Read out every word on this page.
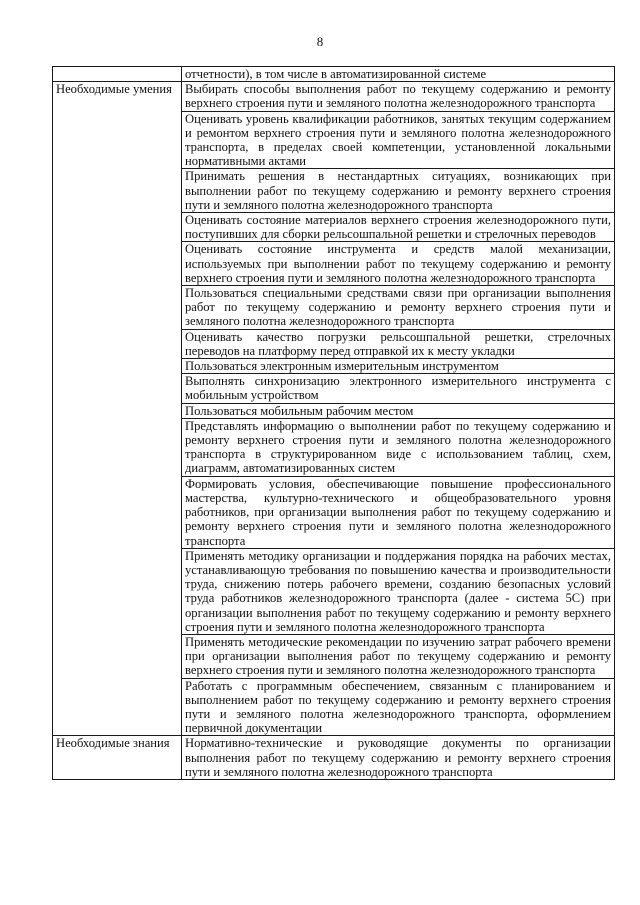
8
	отчетности), в том числе в автоматизированной системе
Необходимые умения	Выбирать способы выполнения работ по текущему содержанию и ремонту верхнего строения пути и земляного полотна железнодорожного транспорта
	Оценивать уровень квалификации работников, занятых текущим содержанием и ремонтом верхнего строения пути и земляного полотна железнодорожного транспорта, в пределах своей компетенции, установленной локальными нормативными актами
	Принимать решения в нестандартных ситуациях, возникающих при выполнении работ по текущему содержанию и ремонту верхнего строения пути и земляного полотна железнодорожного транспорта
	Оценивать состояние материалов верхнего строения железнодорожного пути, поступивших для сборки рельсошпальной решетки и стрелочных переводов
	Оценивать состояние инструмента и средств малой механизации, используемых при выполнении работ по текущему содержанию и ремонту верхнего строения пути и земляного полотна железнодорожного транспорта
	Пользоваться специальными средствами связи при организации выполнения работ по текущему содержанию и ремонту верхнего строения пути и земляного полотна железнодорожного транспорта
	Оценивать качество погрузки рельсошпальной решетки, стрелочных переводов на платформу перед отправкой их к месту укладки
	Пользоваться электронным измерительным инструментом
	Выполнять синхронизацию электронного измерительного инструмента с мобильным устройством
	Пользоваться мобильным рабочим местом
	Представлять информацию о выполнении работ по текущему содержанию и ремонту верхнего строения пути и земляного полотна железнодорожного транспорта в структурированном виде с использованием таблиц, схем, диаграмм, автоматизированных систем
	Формировать условия, обеспечивающие повышение профессионального мастерства, культурно-технического и общеобразовательного уровня работников, при организации выполнения работ по текущему содержанию и ремонту верхнего строения пути и земляного полотна железнодорожного транспорта
	Применять методику организации и поддержания порядка на рабочих местах, устанавливающую требования по повышению качества и производительности труда, снижению потерь рабочего времени, созданию безопасных условий труда работников железнодорожного транспорта (далее - система 5С) при организации выполнения работ по текущему содержанию и ремонту верхнего строения пути и земляного полотна железнодорожного транспорта
	Применять методические рекомендации по изучению затрат рабочего времени при организации выполнения работ по текущему содержанию и ремонту верхнего строения пути и земляного полотна железнодорожного транспорта
	Работать с программным обеспечением, связанным с планированием и выполнением работ по текущему содержанию и ремонту верхнего строения пути и земляного полотна железнодорожного транспорта, оформлением первичной документации
Необходимые знания	Нормативно-технические и руководящие документы по организации выполнения работ по текущему содержанию и ремонту верхнего строения пути и земляного полотна железнодорожного транспорта
